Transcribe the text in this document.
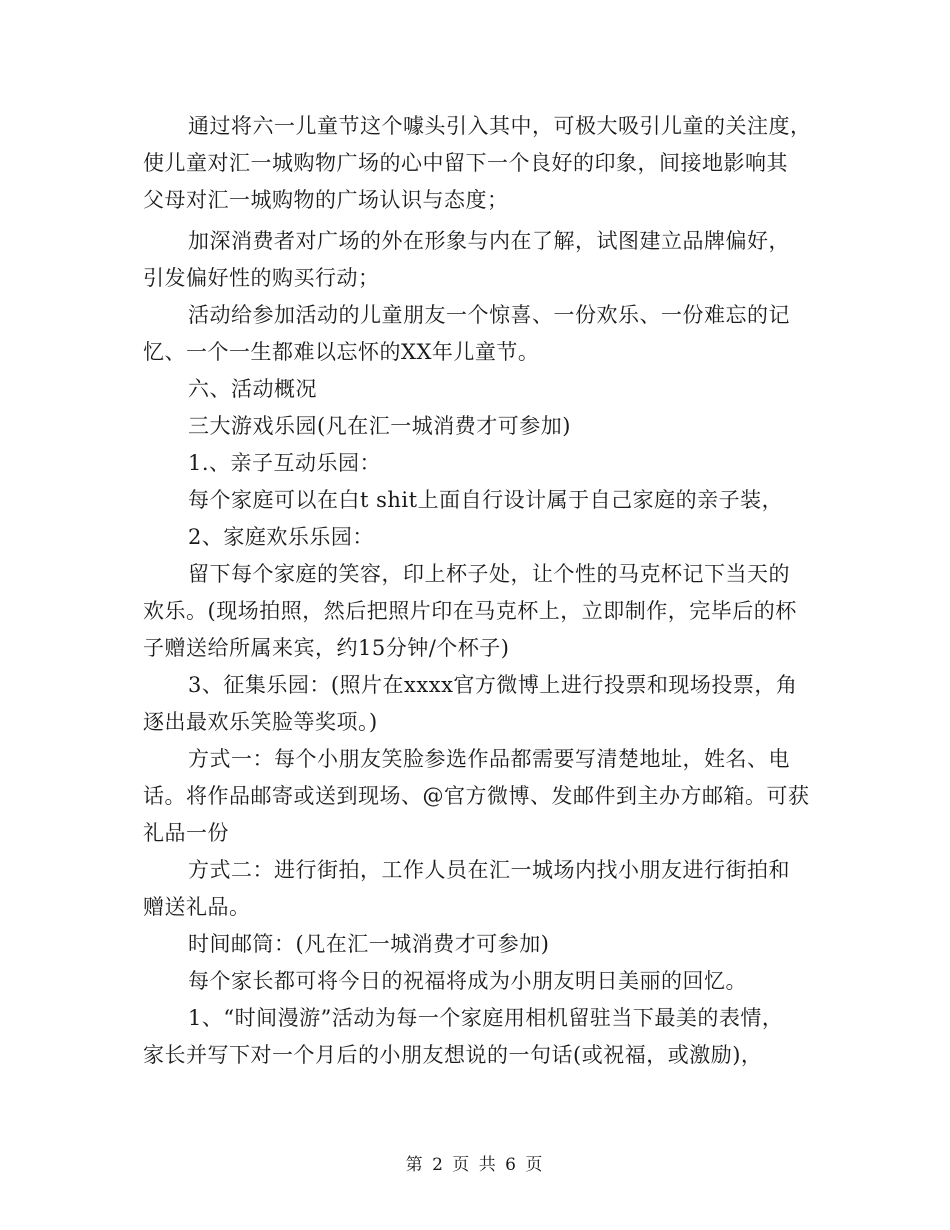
通过将六一儿童节这个噱头引入其中，可极大吸引儿童的关注度，
使儿童对汇一城购物广场的心中留下一个良好的印象，间接地影响其
父母对汇一城购物的广场认识与态度；
加深消费者对广场的外在形象与内在了解，试图建立品牌偏好，
引发偏好性的购买行动；
活动给参加活动的儿童朋友一个惊喜、一份欢乐、一份难忘的记
忆、一个一生都难以忘怀的XX年儿童节。
六、活动概况
三大游戏乐园(凡在汇一城消费才可参加)
1.、亲子互动乐园：
每个家庭可以在白t shit上面自行设计属于自己家庭的亲子装，
2、家庭欢乐乐园：
留下每个家庭的笑容，印上杯子处，让个性的马克杯记下当天的
欢乐。(现场拍照，然后把照片印在马克杯上，立即制作，完毕后的杯
子赠送给所属来宾，约15分钟/个杯子)
3、征集乐园：(照片在xxxx官方微博上进行投票和现场投票，角
逐出最欢乐笑脸等奖项。)
方式一：每个小朋友笑脸参选作品都需要写清楚地址，姓名、电
话。将作品邮寄或送到现场、@官方微博、发邮件到主办方邮箱。可获
礼品一份
方式二：进行街拍，工作人员在汇一城场内找小朋友进行街拍和
赠送礼品。
时间邮筒：(凡在汇一城消费才可参加)
每个家长都可将今日的祝福将成为小朋友明日美丽的回忆。
1、“时间漫游”活动为每一个家庭用相机留驻当下最美的表情，
家长并写下对一个月后的小朋友想说的一句话(或祝福，或激励)，
第 2 页 共 6 页
